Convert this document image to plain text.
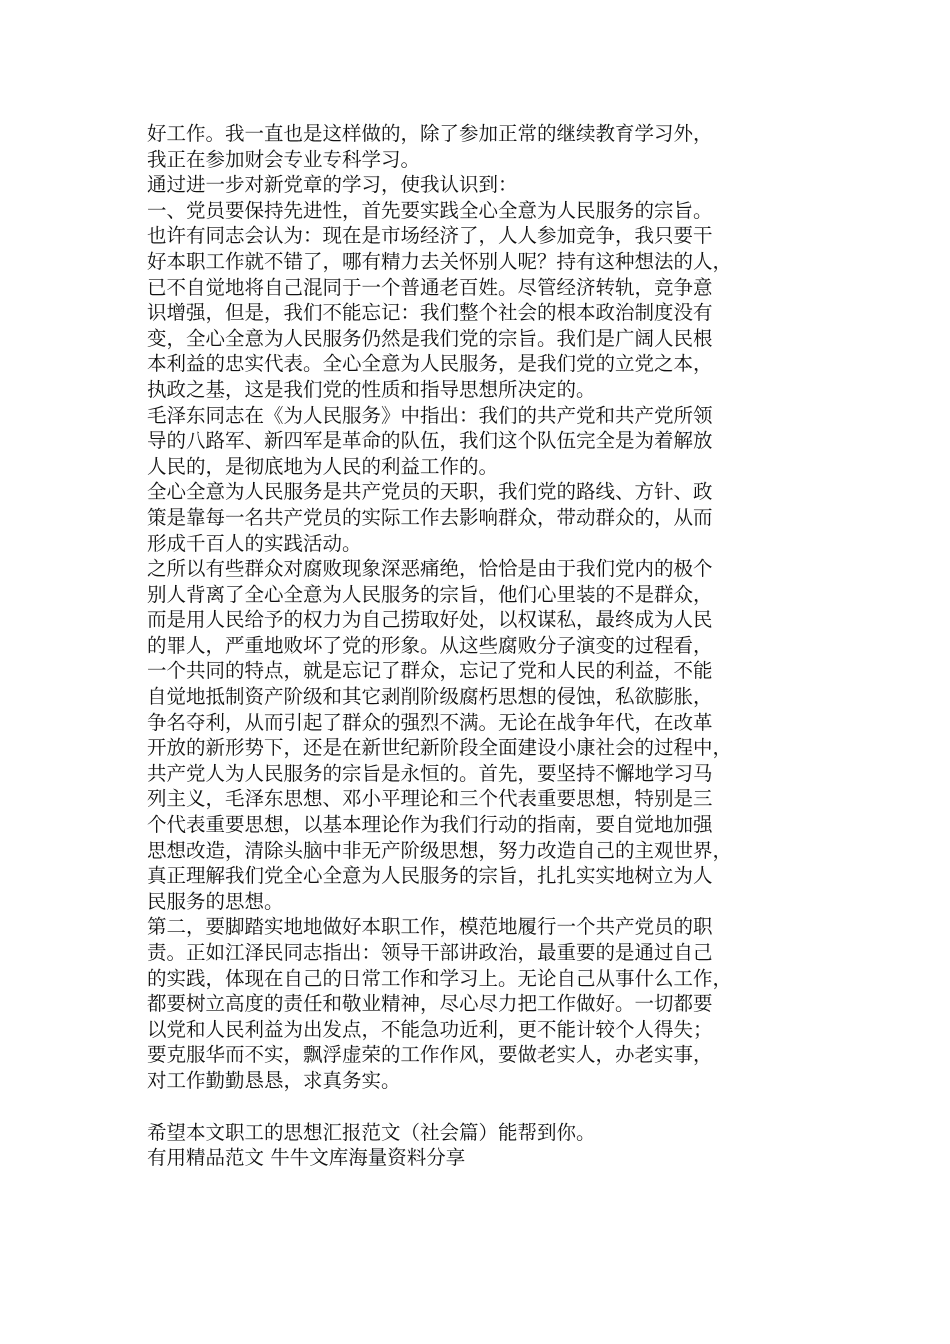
好工作。我一直也是这样做的，除了参加正常的继续教育学习外，
我正在参加财会专业专科学习。
通过进一步对新党章的学习，使我认识到：
一、党员要保持先进性，首先要实践全心全意为人民服务的宗旨。
也许有同志会认为：现在是市场经济了，人人参加竞争，我只要干
好本职工作就不错了，哪有精力去关怀别人呢？持有这种想法的人，
已不自觉地将自己混同于一个普通老百姓。尽管经济转轨，竞争意
识增强，但是，我们不能忘记：我们整个社会的根本政治制度没有
变，全心全意为人民服务仍然是我们党的宗旨。我们是广阔人民根
本利益的忠实代表。全心全意为人民服务，是我们党的立党之本，
执政之基，这是我们党的性质和指导思想所决定的。
毛泽东同志在《为人民服务》中指出：我们的共产党和共产党所领
导的八路军、新四军是革命的队伍，我们这个队伍完全是为着解放
人民的，是彻底地为人民的利益工作的。
全心全意为人民服务是共产党员的天职，我们党的路线、方针、政
策是靠每一名共产党员的实际工作去影响群众，带动群众的，从而
形成千百人的实践活动。
之所以有些群众对腐败现象深恶痛绝，恰恰是由于我们党内的极个
别人背离了全心全意为人民服务的宗旨，他们心里装的不是群众，
而是用人民给予的权力为自己捞取好处，以权谋私，最终成为人民
的罪人，严重地败坏了党的形象。从这些腐败分子演变的过程看，
一个共同的特点，就是忘记了群众，忘记了党和人民的利益，不能
自觉地抵制资产阶级和其它剥削阶级腐朽思想的侵蚀，私欲膨胀，
争名夺利，从而引起了群众的强烈不满。无论在战争年代，在改革
开放的新形势下，还是在新世纪新阶段全面建设小康社会的过程中，
共产党人为人民服务的宗旨是永恒的。首先，要坚持不懈地学习马
列主义，毛泽东思想、邓小平理论和三个代表重要思想，特别是三
个代表重要思想，以基本理论作为我们行动的指南，要自觉地加强
思想改造，清除头脑中非无产阶级思想，努力改造自己的主观世界，
真正理解我们党全心全意为人民服务的宗旨，扎扎实实地树立为人
民服务的思想。
第二，要脚踏实地地做好本职工作，模范地履行一个共产党员的职
责。正如江泽民同志指出：领导干部讲政治，最重要的是通过自己
的实践，体现在自己的日常工作和学习上。无论自己从事什么工作，
都要树立高度的责任和敬业精神，尽心尽力把工作做好。一切都要
以党和人民利益为出发点，不能急功近利，更不能计较个人得失；
要克服华而不实，飘浮虚荣的工作作风，要做老实人，办老实事，
对工作勤勤恳恳，求真务实。
希望本文职工的思想汇报范文（社会篇）能帮到你。
有用精品范文 牛牛文库海量资料分享
